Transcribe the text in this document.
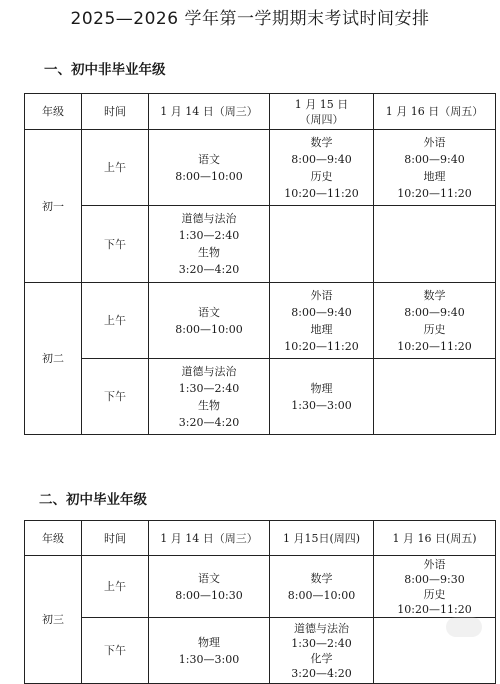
2025—2026 学年第一学期期末考试时间安排
一、初中非毕业年级
年级	时间	1 月 14 日（周三）	1 月 15 日（周四）	1 月 16 日（周五）
初一	上午	语文
8:00—10:00	数学
8:00—9:40
历史
10:20—11:20	外语
8:00—9:40
地理
10:20—11:20

	下午	道德与法治
1:30—2:40
生物
3:20—4:20		

初二	上午	语文
8:00—10:00	外语
8:00—9:40
地理
10:20—11:20	数学
8:00—9:40
历史
10:20—11:20

	下午	道德与法治
1:30—2:40
生物
3:20—4:20	物理
1:30—3:00	

二、初中毕业年级
年级	时间	1 月 14 日（周三）	1 月15日(周四)	1 月 16 日(周五)
初三	上午	语文
8:00—10:30	数学
8:00—10:00	外语
8:00—9:30
历史
10:20—11:20

	下午	物理
1:30—3:00	道德与法治
1:30—2:40
化学
3:20—4:20	
